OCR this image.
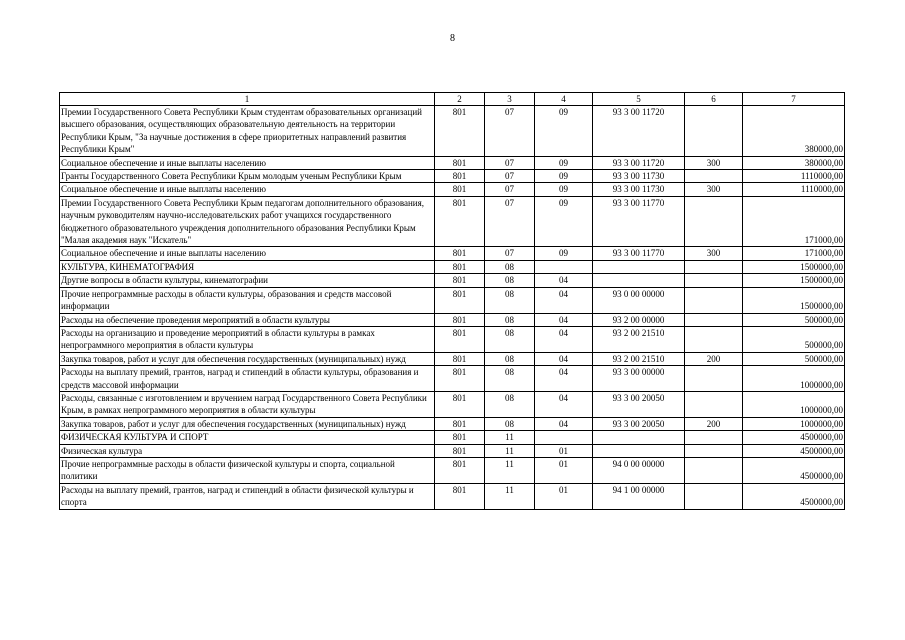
8
1	2	3	4	5	6	7
Премии Государственного Совета Республики Крым студентам образовательных организаций высшего образования, осуществляющих образовательную деятельность на территории Республики Крым, "За научные достижения в сфере приоритетных направлений развития Республики Крым"	801	07	09	93 3 00 11720		380000,00
Социальное обеспечение и иные выплаты населению	801	07	09	93 3 00 11720	300	380000,00
Гранты Государственного Совета Республики Крым молодым ученым Республики Крым	801	07	09	93 3 00 11730		1110000,00
Социальное обеспечение и иные выплаты населению	801	07	09	93 3 00 11730	300	1110000,00
Премии Государственного Совета Республики Крым педагогам дополнительного образования, научным руководителям научно-исследовательских работ учащихся государственного бюджетного образовательного учреждения дополнительного образования Республики Крым "Малая академия наук "Искатель"	801	07	09	93 3 00 11770		171000,00
Социальное обеспечение и иные выплаты населению	801	07	09	93 3 00 11770	300	171000,00
КУЛЬТУРА, КИНЕМАТОГРАФИЯ	801	08				1500000,00
Другие вопросы в области культуры, кинематографии	801	08	04			1500000,00
Прочие непрограммные расходы в области культуры, образования и средств массовой информации	801	08	04	93 0 00 00000		1500000,00
Расходы на обеспечение проведения мероприятий в области культуры	801	08	04	93 2 00 00000		500000,00
Расходы на организацию и проведение мероприятий в области культуры в рамках непрограммного мероприятия в области культуры	801	08	04	93 2 00 21510		500000,00
Закупка товаров, работ и услуг для обеспечения государственных (муниципальных) нужд	801	08	04	93 2 00 21510	200	500000,00
Расходы на выплату премий, грантов, наград и стипендий в области культуры, образования и средств массовой информации	801	08	04	93 3 00 00000		1000000,00
Расходы, связанные с изготовлением и вручением наград Государственного Совета Республики Крым, в рамках непрограммного мероприятия в области культуры	801	08	04	93 3 00 20050		1000000,00
Закупка товаров, работ и услуг для обеспечения государственных (муниципальных) нужд	801	08	04	93 3 00 20050	200	1000000,00
ФИЗИЧЕСКАЯ КУЛЬТУРА И СПОРТ	801	11				4500000,00
Физическая культура	801	11	01			4500000,00
Прочие непрограммные расходы в области физической культуры и спорта, социальной политики	801	11	01	94 0 00 00000		4500000,00
Расходы на выплату премий, грантов, наград и стипендий в области физической культуры и спорта	801	11	01	94 1 00 00000		4500000,00
